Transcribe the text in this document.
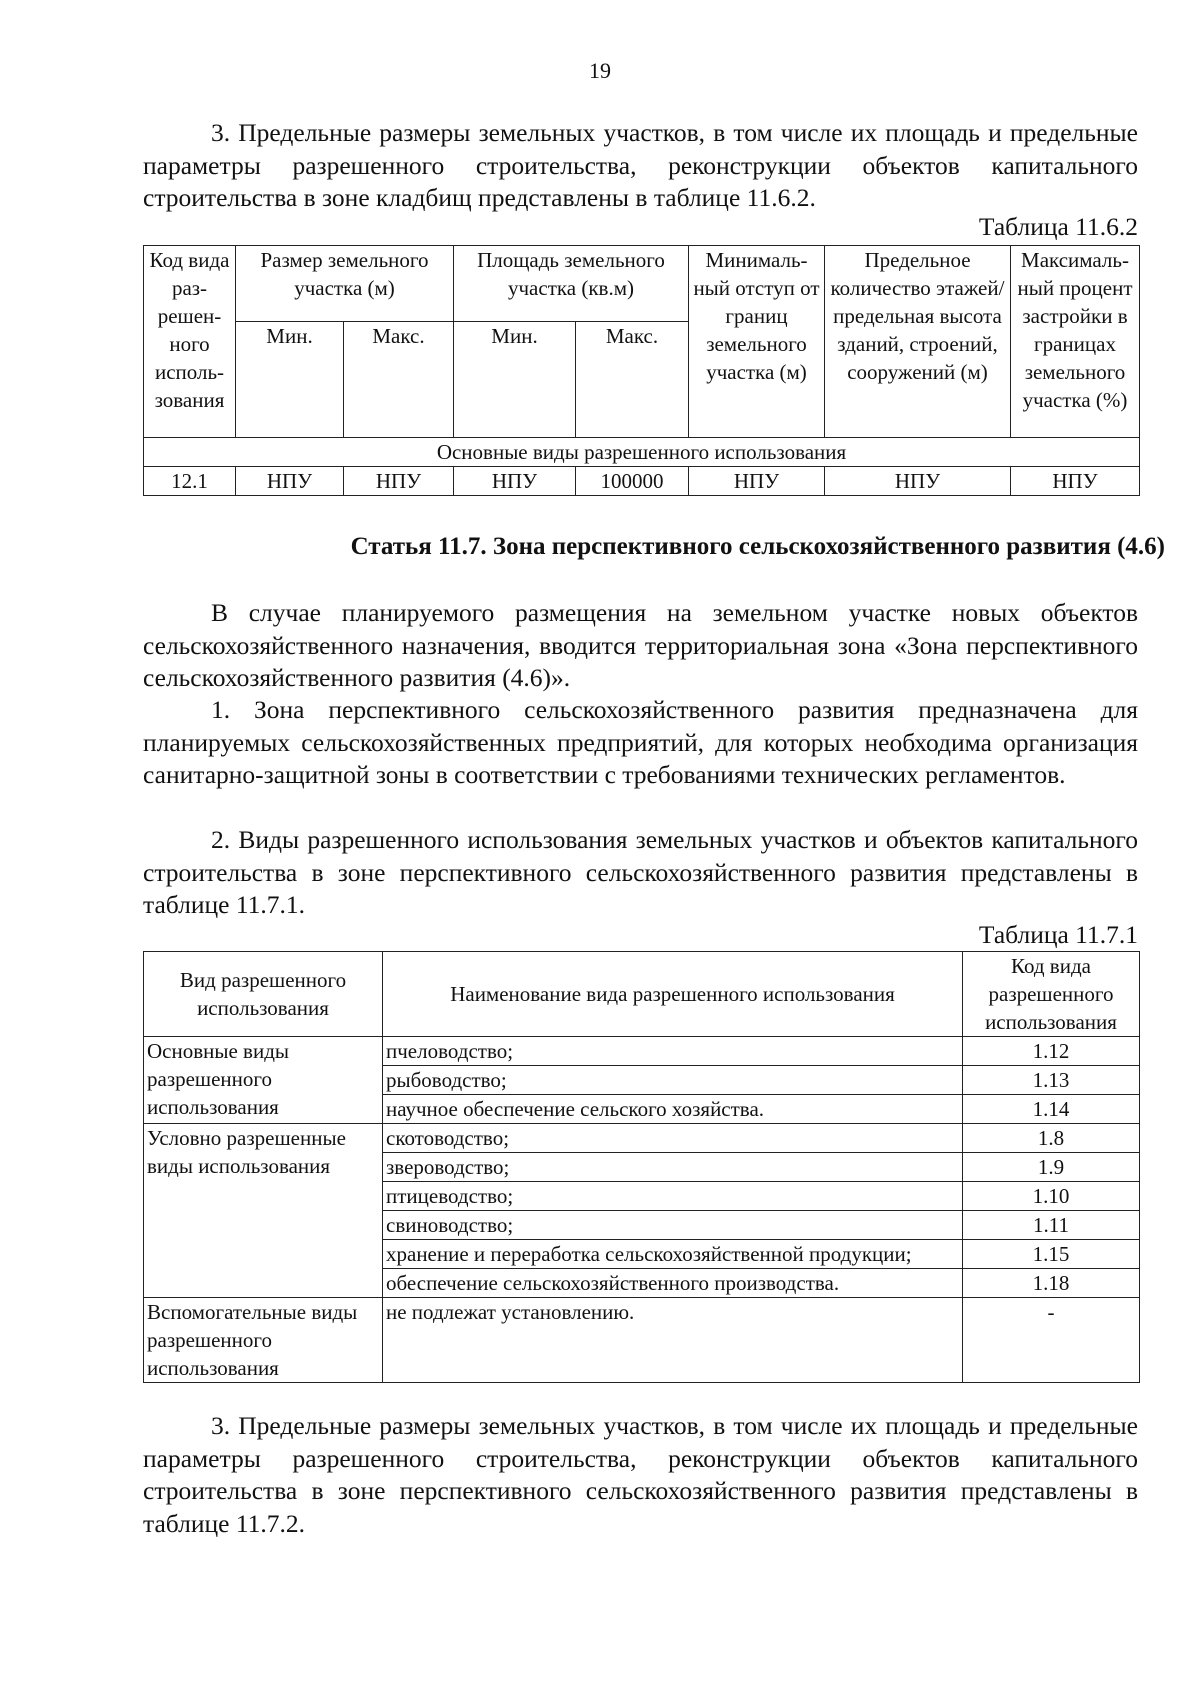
19

3. Предельные размеры земельных участков, в том числе их площадь и предельные параметры разрешенного строительства, реконструкции объектов капитального строительства в зоне кладбищ представлены в таблице 11.6.2.

Таблица 11.6.2
Код вида раз- решен- ного исполь- зования	Размер земельного участка (м)		Площадь земельного участка (кв.м)		Минималь- ный отступ от границ земельного участка (м)	Предельное количество этажей/ предельная высота зданий, строений, сооружений (м)	Максималь- ный процент застройки в границах земельного участка (%)
	Мин.	Макс.	Мин.	Макс.			
Основные виды разрешенного использования							
12.1	НПУ	НПУ	НПУ	100000	НПУ	НПУ	НПУ
Статья 11.7. Зона перспективного сельскохозяйственного развития (4.6)

В случае планируемого размещения на земельном участке новых объектов сельскохозяйственного назначения, вводится территориальная зона «Зона перспективного сельскохозяйственного развития (4.6)».

1. Зона перспективного сельскохозяйственного развития предназначена для планируемых сельскохозяйственных предприятий, для которых необходима организация санитарно-защитной зоны в соответствии с требованиями технических регламентов.

2. Виды разрешенного использования земельных участков и объектов капитального строительства в зоне перспективного сельскохозяйственного развития представлены в таблице 11.7.1.

Таблица 11.7.1
Вид разрешенного использования	Наименование вида разрешенного использования	Код вида разрешенного использования
Основные виды разрешенного использования	пчеловодство;	1.12
	рыбоводство;	1.13
	научное обеспечение сельского хозяйства.	1.14
Условно разрешенные виды использования	скотоводство;	1.8
	звероводство;	1.9
	птицеводство;	1.10
	свиноводство;	1.11
	хранение и переработка сельскохозяйственной продукции;	1.15
	обеспечение сельскохозяйственного производства.	1.18
Вспомогательные виды разрешенного использования	не подлежат установлению.	-

3. Предельные размеры земельных участков, в том числе их площадь и предельные параметры разрешенного строительства, реконструкции объектов капитального строительства в зоне перспективного сельскохозяйственного развития представлены в таблице 11.7.2.
